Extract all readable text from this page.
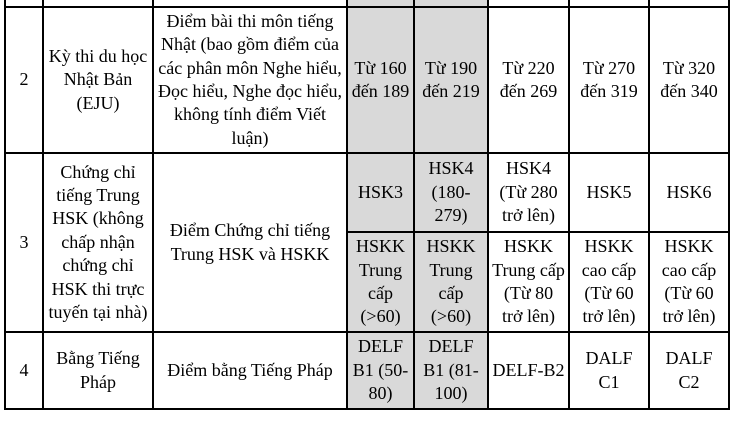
2	Kỳ thi du học Nhật Bản (EJU)	Điểm bài thi môn tiếng Nhật (bao gồm điểm của các phân môn Nghe hiểu, Đọc hiểu, Nghe đọc hiểu, không tính điểm Viết luận)	Từ 160 đến 189	Từ 190 đến 219	Từ 220 đến 269	Từ 270 đến 319	Từ 320 đến 340
3	Chứng chỉ tiếng Trung HSK (không chấp nhận chứng chỉ HSK thi trực tuyến tại nhà)	Điểm Chứng chỉ tiếng Trung HSK và HSKK	HSK3	HSK4 (180-279)	HSK4 (Từ 280 trở lên)	HSK5	HSK6
			HSKK Trung cấp (>60)	HSKK Trung cấp (>60)	HSKK Trung cấp (Từ 80 trở lên)	HSKK cao cấp (Từ 60 trở lên)	HSKK cao cấp (Từ 60 trở lên)
4	Bằng Tiếng Pháp	Điểm bằng Tiếng Pháp	DELF B1 (50-80)	DELF B1 (81-100)	DELF-B2	DALF C1	DALF C2
